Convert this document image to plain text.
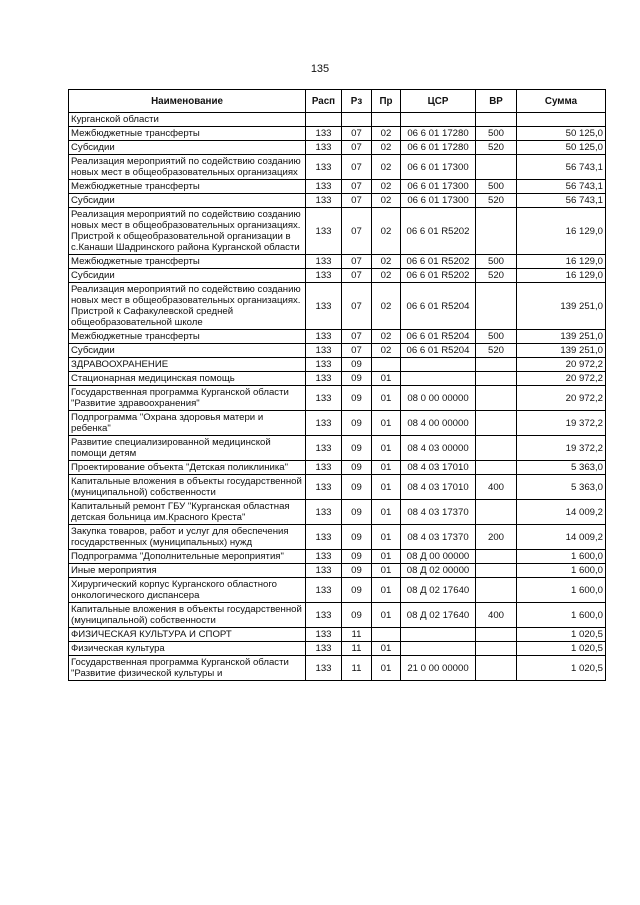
135
Наименование	Расп	Рз	Пр	ЦСР	ВР	Сумма
Курганской области						
Межбюджетные трансферты	133	07	02	06 6 01 17280	500	50 125,0
Субсидии	133	07	02	06 6 01 17280	520	50 125,0
Реализация мероприятий по содействию созданию новых мест в общеобразовательных организациях	133	07	02	06 6 01 17300		56 743,1
Межбюджетные трансферты	133	07	02	06 6 01 17300	500	56 743,1
Субсидии	133	07	02	06 6 01 17300	520	56 743,1
Реализация мероприятий по содействию созданию новых мест в общеобразовательных организациях. Пристрой к общеобразовательной организации в с.Канаши Шадринского района Курганской области	133	07	02	06 6 01 R5202		16 129,0
Межбюджетные трансферты	133	07	02	06 6 01 R5202	500	16 129,0
Субсидии	133	07	02	06 6 01 R5202	520	16 129,0
Реализация мероприятий по содействию созданию новых мест в общеобразовательных организациях. Пристрой к Сафакулевской средней общеобразовательной школе	133	07	02	06 6 01 R5204		139 251,0
Межбюджетные трансферты	133	07	02	06 6 01 R5204	500	139 251,0
Субсидии	133	07	02	06 6 01 R5204	520	139 251,0
ЗДРАВООХРАНЕНИЕ	133	09				20 972,2
Стационарная медицинская помощь	133	09	01			20 972,2
Государственная программа Курганской области "Развитие здравоохранения"	133	09	01	08 0 00 00000		20 972,2
Подпрограмма "Охрана здоровья матери и ребенка"	133	09	01	08 4 00 00000		19 372,2
Развитие специализированной медицинской помощи детям	133	09	01	08 4 03 00000		19 372,2
Проектирование объекта "Детская поликлиника"	133	09	01	08 4 03 17010		5 363,0
Капитальные вложения в объекты государственной (муниципальной) собственности	133	09	01	08 4 03 17010	400	5 363,0
Капитальный ремонт ГБУ "Курганская областная детская больница им.Красного Креста"	133	09	01	08 4 03 17370		14 009,2
Закупка товаров, работ и услуг для обеспечения государственных (муниципальных) нужд	133	09	01	08 4 03 17370	200	14 009,2
Подпрограмма "Дополнительные мероприятия"	133	09	01	08 Д 00 00000		1 600,0
Иные мероприятия	133	09	01	08 Д 02 00000		1 600,0
Хирургический корпус Курганского областного онкологического диспансера	133	09	01	08 Д 02 17640		1 600,0
Капитальные вложения в объекты государственной (муниципальной) собственности	133	09	01	08 Д 02 17640	400	1 600,0
ФИЗИЧЕСКАЯ КУЛЬТУРА И СПОРТ	133	11				1 020,5
Физическая культура	133	11	01			1 020,5
Государственная программа Курганской области "Развитие физической культуры и	133	11	01	21 0 00 00000		1 020,5
